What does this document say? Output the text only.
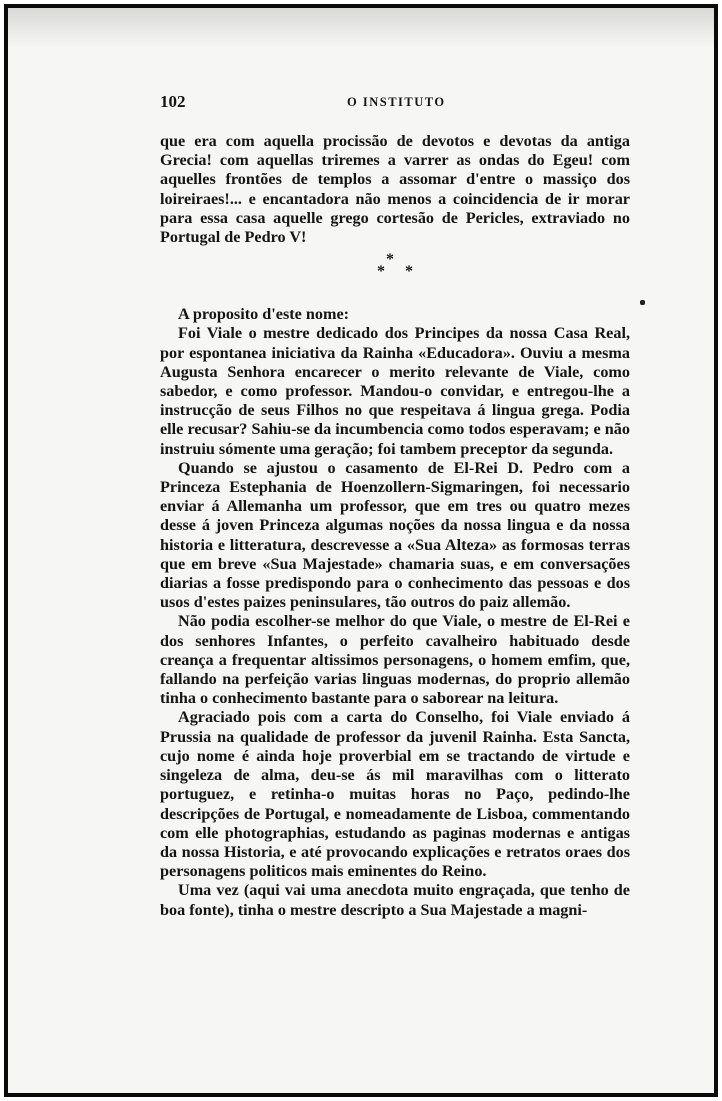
102	O INSTITUTO

que era com aquella procissão de devotos e devotas da antiga Grecia! com aquellas triremes a varrer as ondas do Egeu! com aquelles frontões de templos a assomar d'entre o massiço dos loireiraes!... e encantadora não menos a coincidencia de ir morar para essa casa aquelle grego cortesão de Pericles, extraviado no Portugal de Pedro V!

*
* *

A proposito d'este nome:

Foi Viale o mestre dedicado dos Principes da nossa Casa Real, por espontanea iniciativa da Rainha «Educadora». Ouviu a mesma Augusta Senhora encarecer o merito relevante de Viale, como sabedor, e como professor. Mandou-o convidar, e entregou-lhe a instrucção de seus Filhos no que respeitava á lingua grega. Podia elle recusar? Sahiu-se da incumbencia como todos esperavam; e não instruiu sómente uma geração; foi tambem preceptor da segunda.

Quando se ajustou o casamento de El-Rei D. Pedro com a Princeza Estephania de Hoenzollern-Sigmaringen, foi necessario enviar á Allemanha um professor, que em tres ou quatro mezes desse á joven Princeza algumas noções da nossa lingua e da nossa historia e litteratura, descrevesse a «Sua Alteza» as formosas terras que em breve «Sua Majestade» chamaria suas, e em conversações diarias a fosse predispondo para o conhecimento das pessoas e dos usos d'estes paizes peninsulares, tão outros do paiz allemão.

Não podia escolher-se melhor do que Viale, o mestre de El-Rei e dos senhores Infantes, o perfeito cavalheiro habituado desde creança a frequentar altissimos personagens, o homem emfim, que, fallando na perfeição varias linguas modernas, do proprio allemão tinha o conhecimento bastante para o saborear na leitura.

Agraciado pois com a carta do Conselho, foi Viale enviado á Prussia na qualidade de professor da juvenil Rainha. Esta Sancta, cujo nome é ainda hoje proverbial em se tractando de virtude e singeleza de alma, deu-se ás mil maravilhas com o litterato portuguez, e retinha-o muitas horas no Paço, pedindo-lhe descripções de Portugal, e nomeadamente de Lisboa, commentando com elle photographias, estudando as paginas modernas e antigas da nossa Historia, e até provocando explicações e retratos oraes dos personagens politicos mais eminentes do Reino.

Uma vez (aqui vai uma anecdota muito engraçada, que tenho de boa fonte), tinha o mestre descripto a Sua Majestade a magni-
